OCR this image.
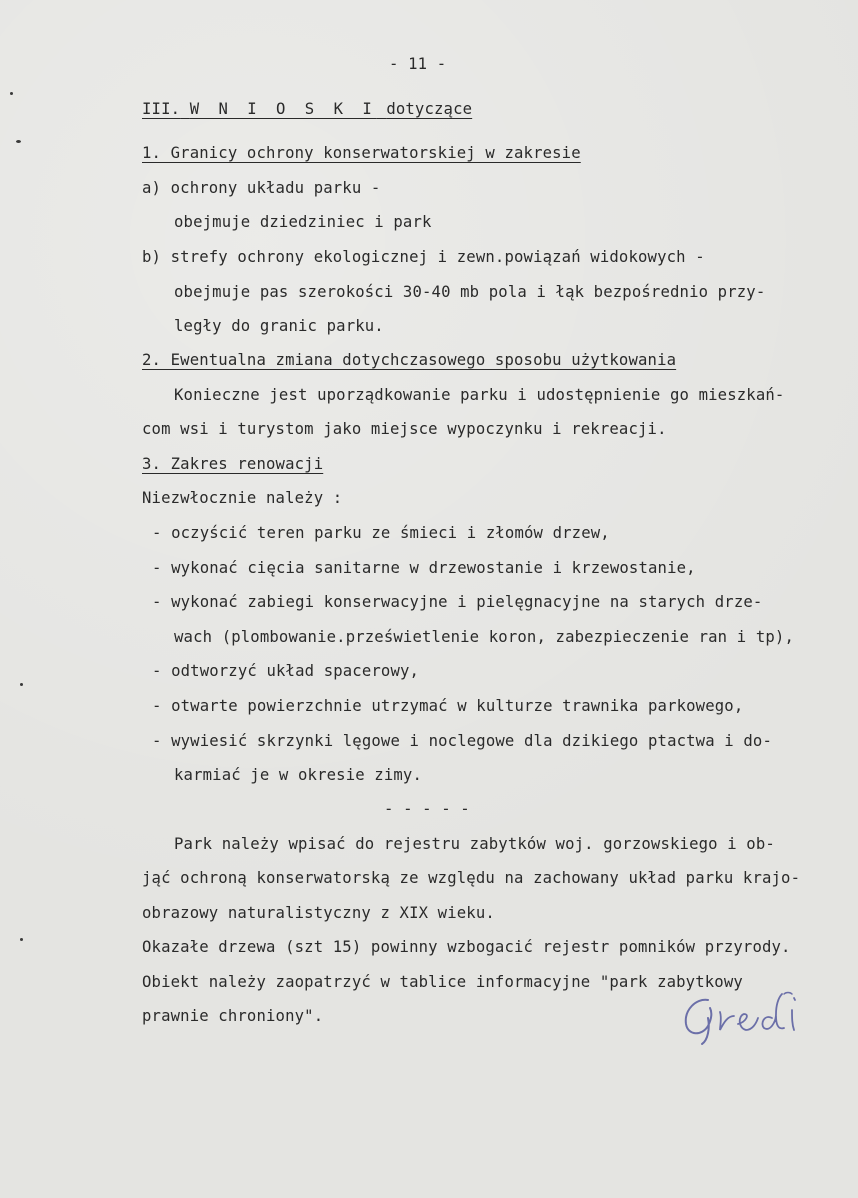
- 11 -
III. W N I O S K I dotyczące
1. Granicy ochrony konserwatorskiej w zakresie
a) ochrony układu parku -
obejmuje dziedziniec i park
b) strefy ochrony ekologicznej i zewn.powiązań widokowych -
obejmuje pas szerokości 30-40 mb pola i łąk bezpośrednio przy-
legły do granic parku.
2. Ewentualna zmiana dotychczasowego sposobu użytkowania
Konieczne jest uporządkowanie parku i udostępnienie go mieszkań-
com wsi i turystom jako miejsce wypoczynku i rekreacji.
3. Zakres renowacji
Niezwłocznie należy :
- oczyścić teren parku ze śmieci i złomów drzew,
- wykonać cięcia sanitarne w drzewostanie i krzewostanie,
- wykonać zabiegi konserwacyjne i pielęgnacyjne na starych drze-
wach (plombowanie.prześwietlenie koron, zabezpieczenie ran i tp),
- odtworzyć układ spacerowy,
- otwarte powierzchnie utrzymać w kulturze trawnika parkowego,
- wywiesić skrzynki lęgowe i noclegowe dla dzikiego ptactwa i do-
karmiać je w okresie zimy.
- - - - -
Park należy wpisać do rejestru zabytków woj. gorzowskiego i ob-
jąć ochroną konserwatorską ze względu na zachowany układ parku krajo-
obrazowy naturalistyczny z XIX wieku.
Okazałe drzewa (szt 15) powinny wzbogacić rejestr pomników przyrody.
Obiekt należy zaopatrzyć w tablice informacyjne "park zabytkowy
prawnie chroniony".
